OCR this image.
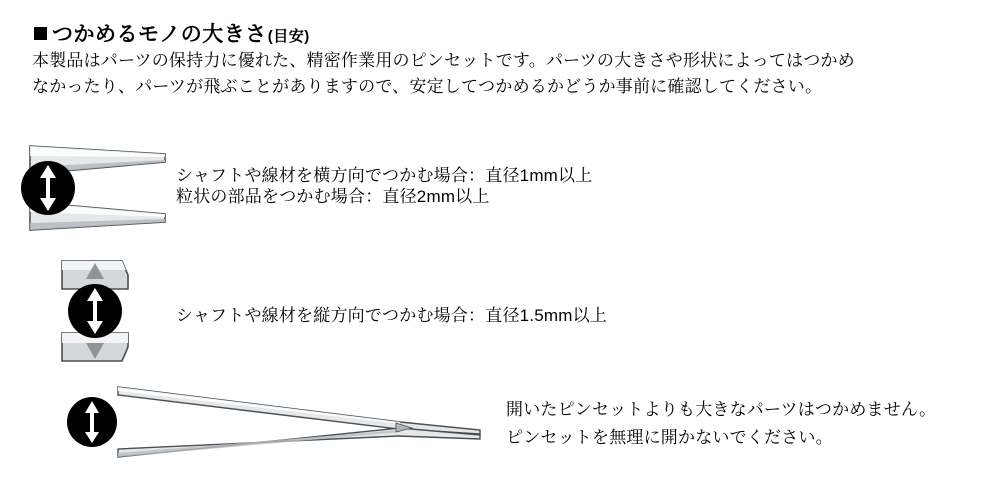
つかめるモノの大きさ (目安)
本製品はパーツの保持力に優れた、精密作業用のピンセットです。パーツの大きさや形状によってはつかめ
なかったり、パーツが飛ぶことがありますので、安定してつかめるかどうか事前に確認してください。
シャフトや線材を横方向でつかむ場合：直径1mm以上
粒状の部品をつかむ場合：直径2mm以上
シャフトや線材を縦方向でつかむ場合：直径1.5mm以上
開いたピンセットよりも大きなパーツはつかめません。
ピンセットを無理に開かないでください。
